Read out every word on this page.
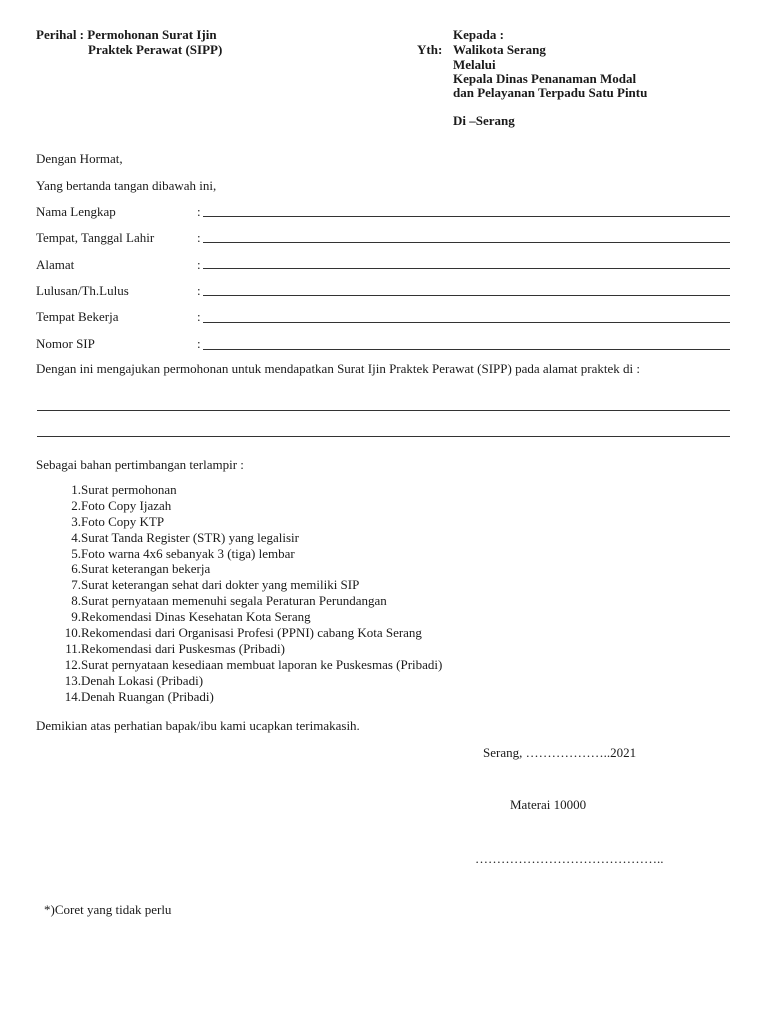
Perihal : Permohonan Surat Ijin
Praktek Perawat (SIPP)
Kepada :
Yth: Walikota Serang
Melalui
Kepala Dinas Penanaman Modal
dan Pelayanan Terpadu Satu Pintu
Di –Serang
Dengan Hormat,
Yang bertanda tangan dibawah ini,
Nama Lengkap	:
Tempat, Tanggal Lahir	:
Alamat	:
Lulusan/Th.Lulus	:
Tempat Bekerja	:
Nomor SIP	:
Dengan ini mengajukan permohonan untuk mendapatkan Surat Ijin Praktek Perawat (SIPP) pada alamat praktek di :
Sebagai bahan pertimbangan terlampir :
1. Surat permohonan
2. Foto Copy Ijazah
3. Foto Copy KTP
4. Surat Tanda Register (STR) yang legalisir
5. Foto warna 4x6 sebanyak 3 (tiga) lembar
6. Surat keterangan bekerja
7. Surat keterangan sehat dari dokter yang memiliki SIP
8. Surat pernyataan memenuhi segala Peraturan Perundangan
9. Rekomendasi Dinas Kesehatan Kota Serang
10. Rekomendasi dari Organisasi Profesi (PPNI) cabang Kota Serang
11. Rekomendasi dari Puskesmas (Pribadi)
12. Surat pernyataan kesediaan membuat laporan ke Puskesmas (Pribadi)
13. Denah Lokasi (Pribadi)
14. Denah Ruangan (Pribadi)
Demikian atas perhatian bapak/ibu kami ucapkan terimakasih.
Serang, ………………..2021
Materai 10000
……………………………………..
*)Coret yang tidak perlu
